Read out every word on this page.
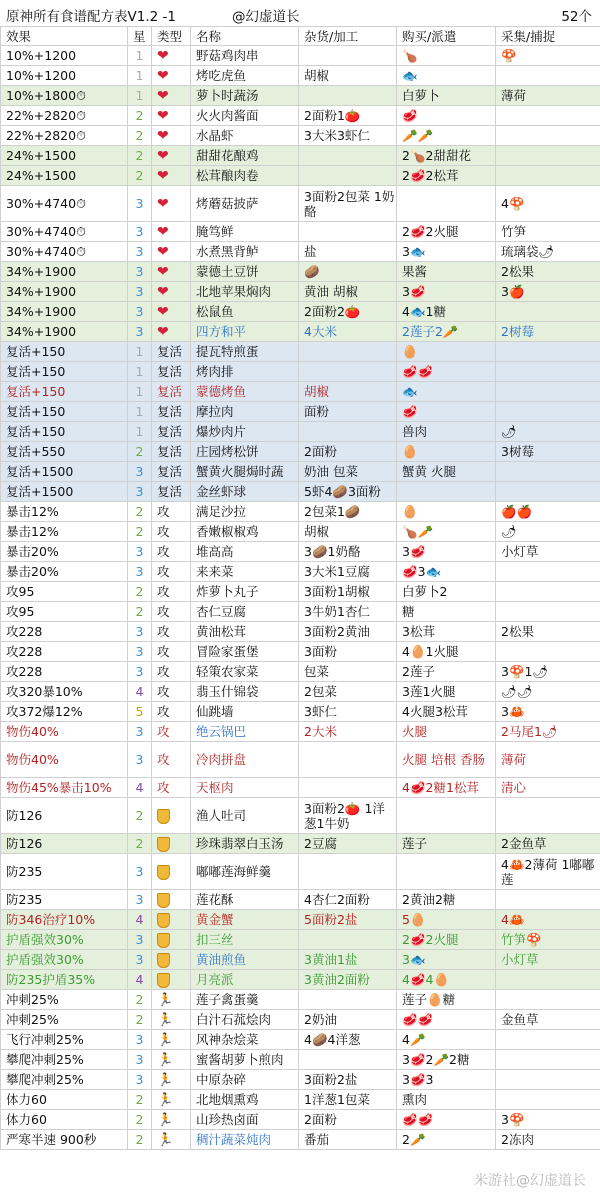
原神所有食谱配方表V1.2 -1	@幻虚道长	52个
效果	星	类型	名称	杂货/加工	购买/派遣	采集/捕捉
10%+1200	1	❤	野菇鸡肉串		🍗	🍄
10%+1200	1	❤	烤吃虎鱼	胡椒	🐟	
10%+1800⏱	1	❤	萝卜时蔬汤		白萝卜	薄荷
22%+2820⏱	2	❤	火火肉酱面	2面粉1🍅	🥩	
22%+2820⏱	2	❤	水晶虾	3大米3虾仁	🥕🥕	
24%+1500	2	❤	甜甜花酿鸡		2🍗2甜甜花	
24%+1500	2	❤	松茸酿肉卷		2🥩2松茸	
30%+4740⏱	3	❤	烤蘑菇披萨	3面粉2包菜 1奶酪		4🍄
30%+4740⏱	3	❤	腌笃鲜		2🥩2火腿	竹笋
30%+4740⏱	3	❤	水煮黑背鲈	盐	3🐟	琉璃袋🌶
34%+1900	3	❤	蒙德土豆饼	🥔	果酱	2松果
34%+1900	3	❤	北地苹果焖肉	黄油 胡椒	3🥩	3🍎
34%+1900	3	❤	松鼠鱼	2面粉2🍅	4🐟1糖	
34%+1900	3	❤	四方和平	4大米	2莲子2🥕	2树莓
复活+150	1	复活	提瓦特煎蛋		🥚	
复活+150	1	复活	烤肉排		🥩🥩	
复活+150	1	复活	蒙德烤鱼	胡椒	🐟	
复活+150	1	复活	摩拉肉	面粉	🥩	
复活+150	1	复活	爆炒肉片		兽肉	🌶
复活+550	2	复活	庄园烤松饼	2面粉	🥚	3树莓
复活+1500	3	复活	蟹黄火腿焗时蔬	奶油 包菜	蟹黄 火腿	
复活+1500	3	复活	金丝虾球	5虾4🥔3面粉		
暴击12%	2	攻	满足沙拉	2包菜1🥔	🥚	🍎🍎
暴击12%	2	攻	香嫩椒椒鸡	胡椒	🍗🥕	🌶
暴击20%	3	攻	堆高高	3🥔1奶酪	3🥩	小灯草
暴击20%	3	攻	来来菜	3大米1豆腐	🥩3🐟	
攻95	2	攻	炸萝卜丸子	3面粉1胡椒	白萝卜2	
攻95	2	攻	杏仁豆腐	3牛奶1杏仁	糖	
攻228	3	攻	黄油松茸	3面粉2黄油	3松茸	2松果
攻228	3	攻	冒险家蛋堡	3面粉	4🥚1火腿	
攻228	3	攻	轻策农家菜	包菜	2莲子	3🍄1🌶
攻320暴10%	4	攻	翡玉什锦袋	2包菜	3莲1火腿	🌶🌶
攻372爆12%	5	攻	仙跳墙	3虾仁	4火腿3松茸	3🦀
物伤40%	3	攻	绝云锅巴	2大米	火腿	2马尾1🌶
物伤40%	3	攻	冷肉拼盘		火腿 培根 香肠	薄荷
物伤45%暴击10%	4	攻	天枢肉		4🥩2糖1松茸	清心
防126	2		渔人吐司	3面粉2🍅 1洋葱1牛奶		
防126	2		珍珠翡翠白玉汤	2豆腐	莲子	2金鱼草
防235	3		嘟嘟莲海鲜羹			4🦀2薄荷 1嘟嘟莲
防235	3		莲花酥	4杏仁2面粉	2黄油2糖	
防346治疗10%	4		黄金蟹	5面粉2盐	5🥚	4🦀
护盾强效30%	3		扣三丝		2🥩2火腿	竹笋🍄
护盾强效30%	3		黄油煎鱼	3黄油1盐	3🐟	小灯草
防235护盾35%	4		月亮派	3黄油2面粉	4🥩4🥚	
冲刺25%	2	🏃	莲子禽蛋羹		莲子🥚糖	
冲刺25%	2	🏃	白汁石菰烩肉	2奶油	🥩🥩	金鱼草
飞行冲刺25%	3	🏃	风神杂烩菜	4🥔4洋葱	4🥕	
攀爬冲刺25%	3	🏃	蜜酱胡萝卜煎肉		3🥩2🥕2糖	
攀爬冲刺25%	3	🏃	中原杂碎	3面粉2盐	3🥩3	
体力60	2	🏃	北地烟熏鸡	1洋葱1包菜	熏肉	
体力60	2	🏃	山珍热卤面	2面粉	🥩🥩	3🍄
严寒半速 900秒	2	🏃	稠汁蔬菜炖肉	番茄	2🥕	2冻肉
米游社@幻虚道长
